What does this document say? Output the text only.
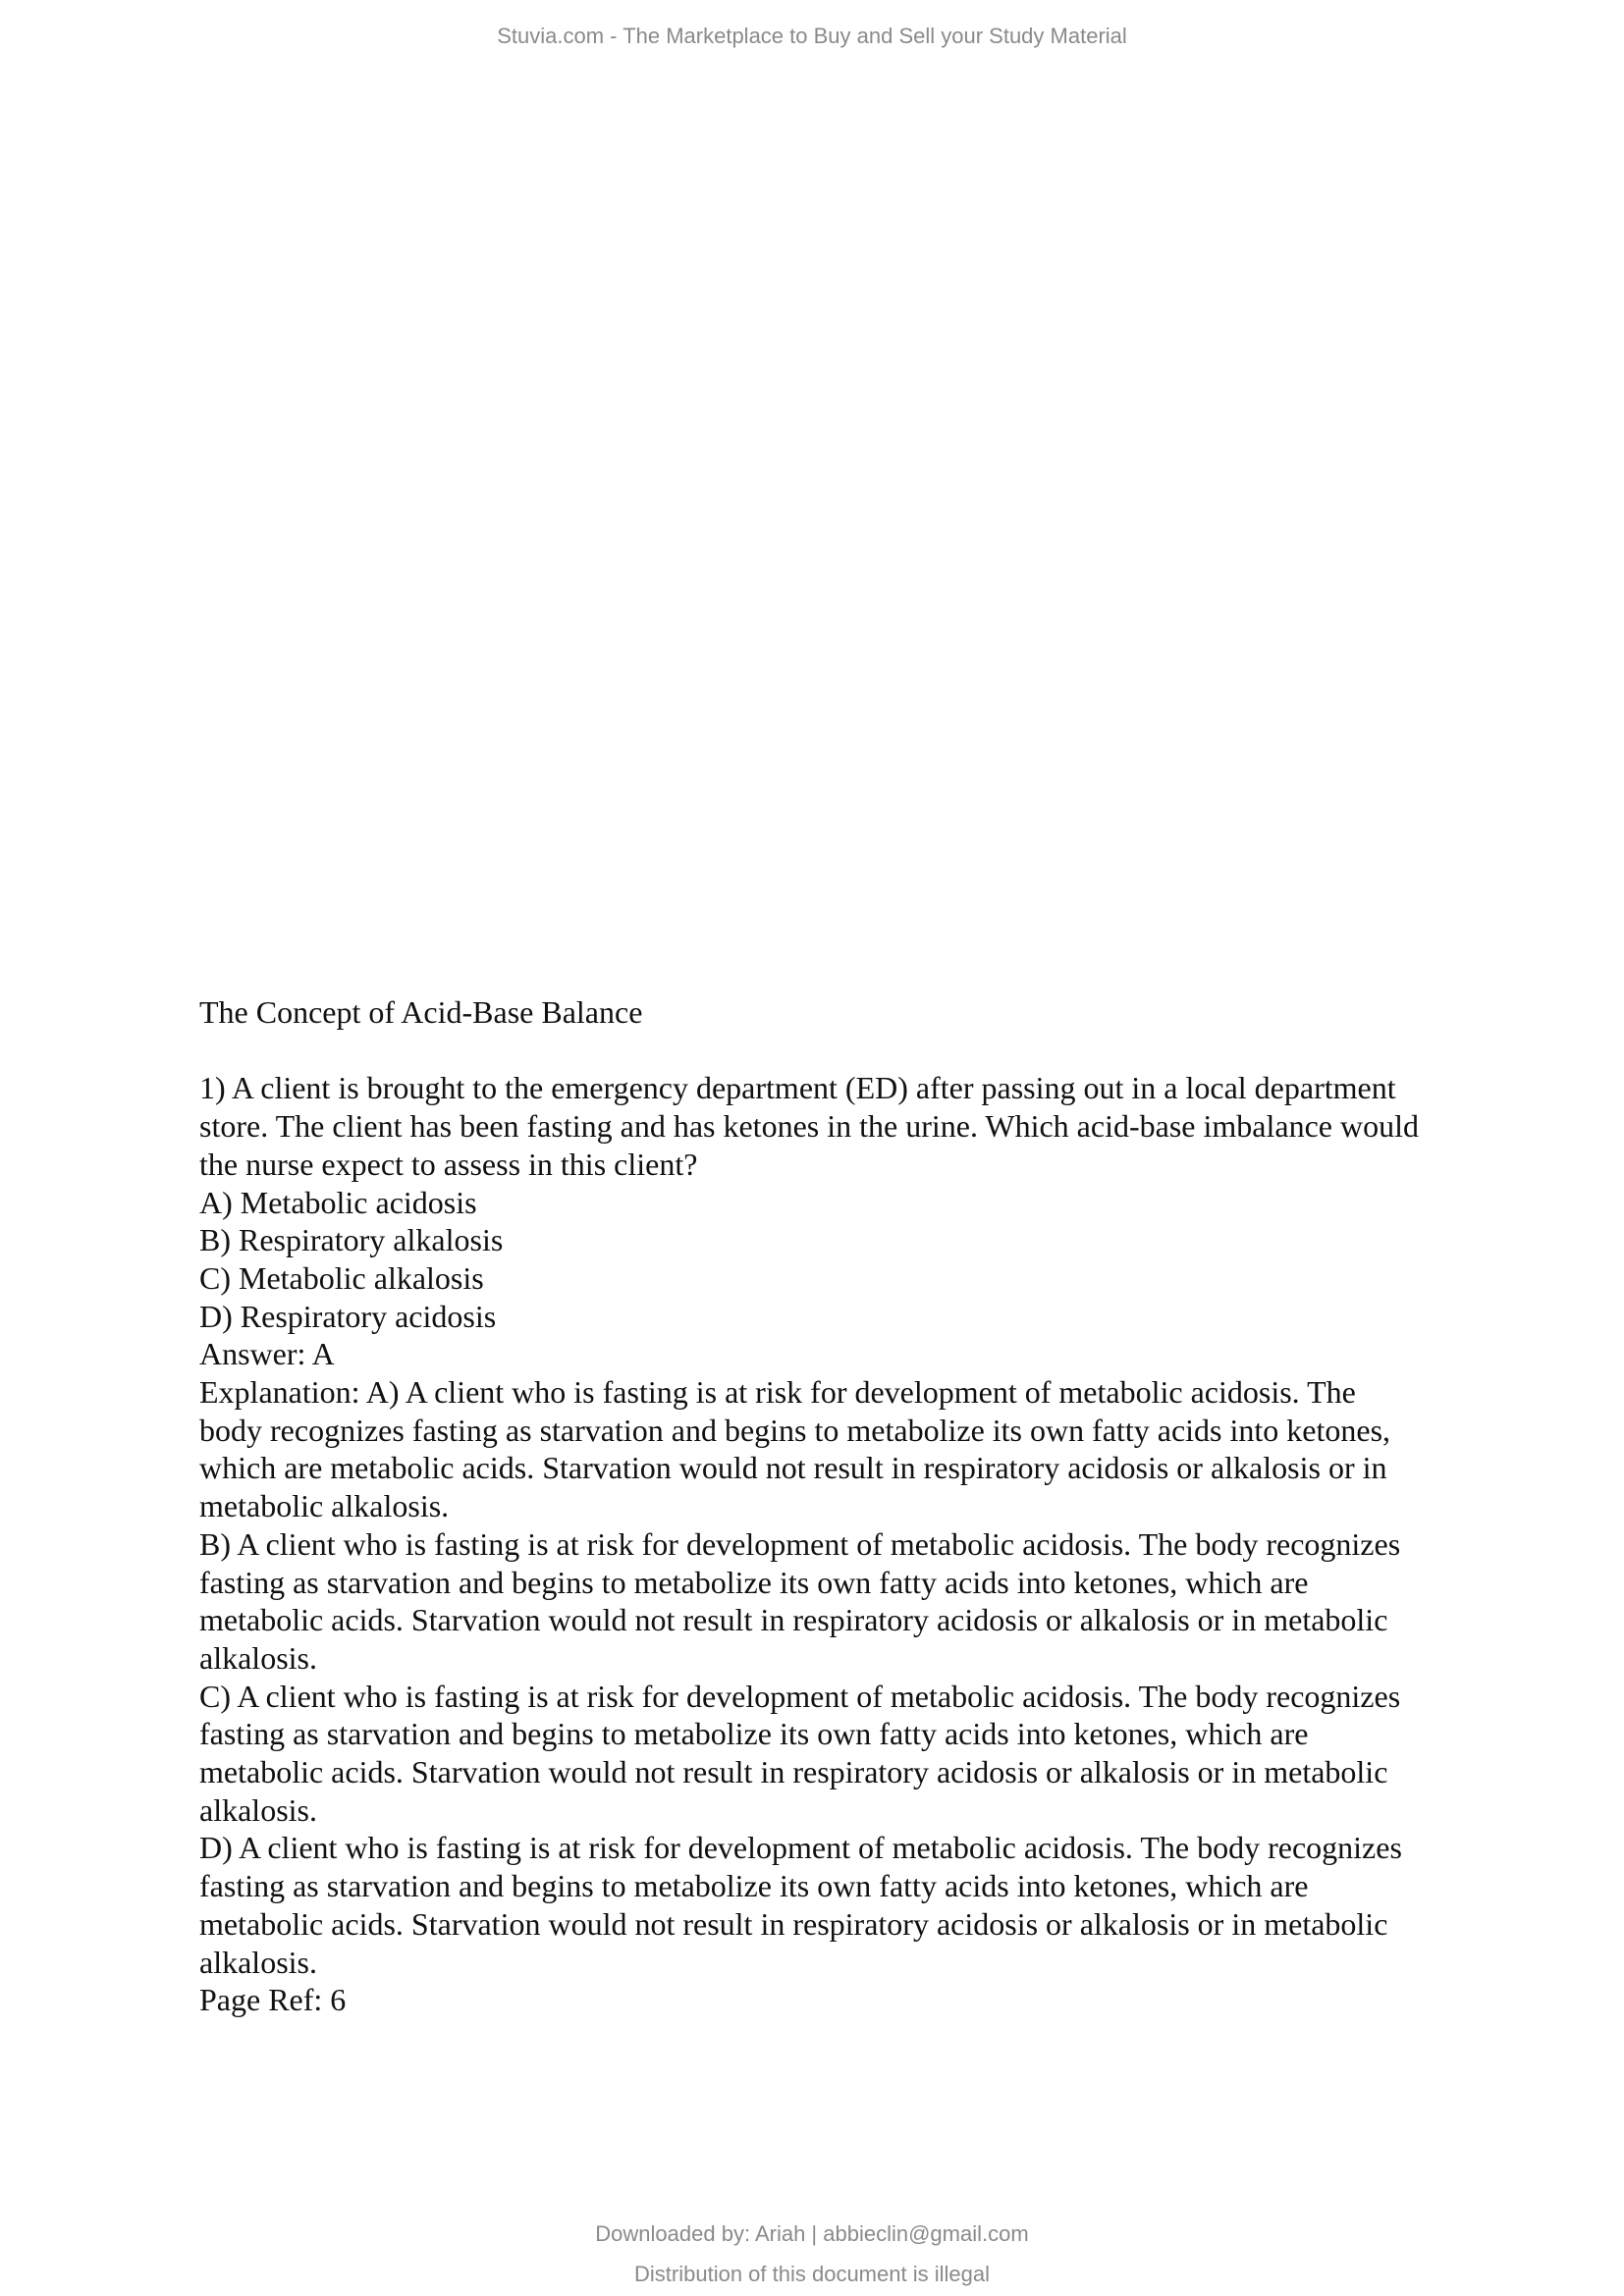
Stuvia.com - The Marketplace to Buy and Sell your Study Material
The Concept of Acid-Base Balance
1) A client is brought to the emergency department (ED) after passing out in a local department
store. The client has been fasting and has ketones in the urine. Which acid-base imbalance would
the nurse expect to assess in this client?
A) Metabolic acidosis
B) Respiratory alkalosis
C) Metabolic alkalosis
D) Respiratory acidosis
Answer: A
Explanation: A) A client who is fasting is at risk for development of metabolic acidosis. The
body recognizes fasting as starvation and begins to metabolize its own fatty acids into ketones,
which are metabolic acids. Starvation would not result in respiratory acidosis or alkalosis or in
metabolic alkalosis.
B) A client who is fasting is at risk for development of metabolic acidosis. The body recognizes
fasting as starvation and begins to metabolize its own fatty acids into ketones, which are
metabolic acids. Starvation would not result in respiratory acidosis or alkalosis or in metabolic
alkalosis.
C) A client who is fasting is at risk for development of metabolic acidosis. The body recognizes
fasting as starvation and begins to metabolize its own fatty acids into ketones, which are
metabolic acids. Starvation would not result in respiratory acidosis or alkalosis or in metabolic
alkalosis.
D) A client who is fasting is at risk for development of metabolic acidosis. The body recognizes
fasting as starvation and begins to metabolize its own fatty acids into ketones, which are
metabolic acids. Starvation would not result in respiratory acidosis or alkalosis or in metabolic
alkalosis.
Page Ref: 6
Downloaded by: Ariah | abbieclin@gmail.com
Distribution of this document is illegal
